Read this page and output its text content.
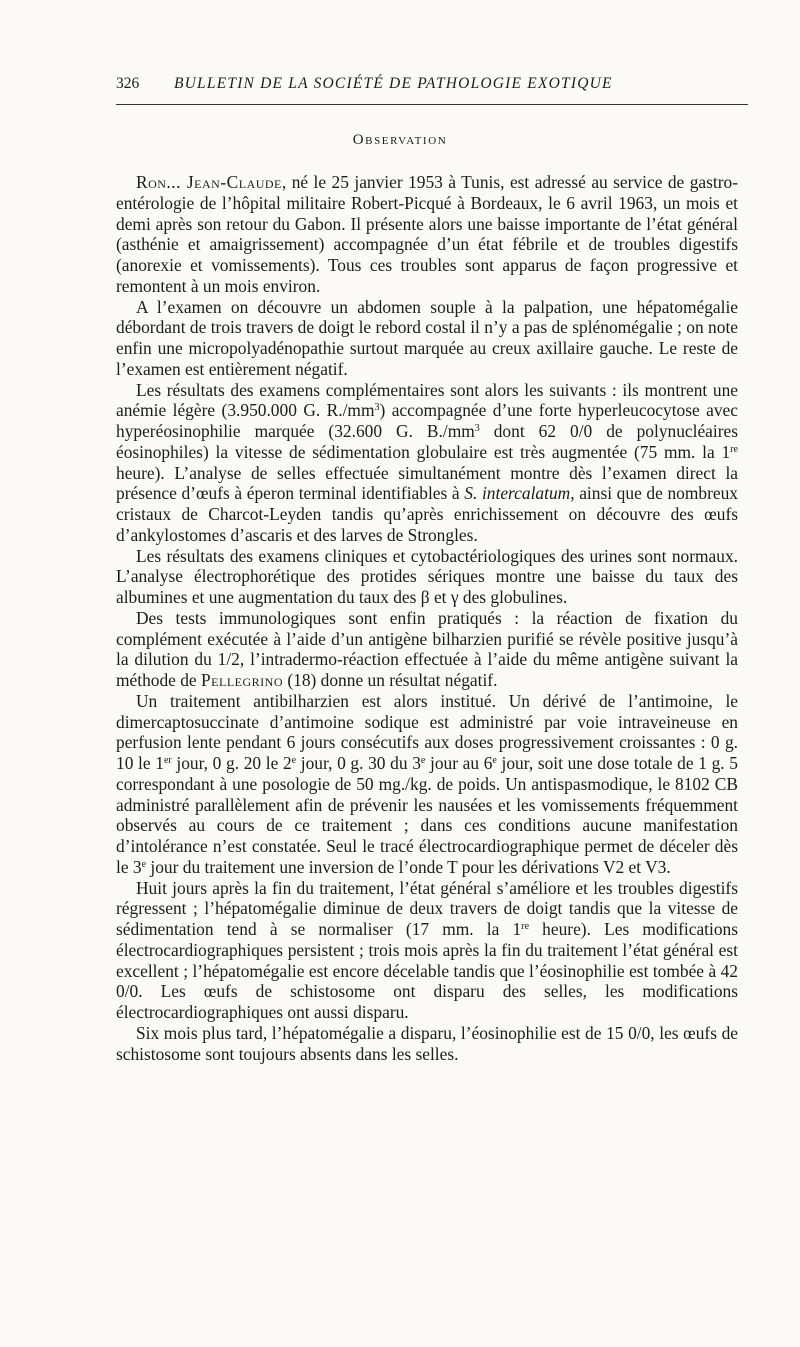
326 BULLETIN DE LA SOCIÉTÉ DE PATHOLOGIE EXOTIQUE
Observation

Ron... Jean-Claude, né le 25 janvier 1953 à Tunis, est adressé au service de gastro-entérologie de l’hôpital militaire Robert-Picqué à Bordeaux, le 6 avril 1963, un mois et demi après son retour du Gabon. Il présente alors une baisse importante de l’état général (asthénie et amaigrissement) accompagnée d’un état fébrile et de troubles digestifs (anorexie et vomissements). Tous ces troubles sont apparus de façon progressive et remontent à un mois environ.

A l’examen on découvre un abdomen souple à la palpation, une hépatomégalie débordant de trois travers de doigt le rebord costal il n’y a pas de splénomégalie ; on note enfin une micropolyadénopathie surtout marquée au creux axillaire gauche. Le reste de l’examen est entièrement négatif.

Les résultats des examens complémentaires sont alors les suivants : ils montrent une anémie légère (3.950.000 G. $R./mm^3$) accompagnée d’une forte hyperleucocytose avec hyperéosinophilie marquée (32.600 G. $B./mm^3$ dont 62 0/0 de polynucléaires éosinophiles) la vitesse de sédimentation globulaire est très augmentée (75 mm. la 1re heure). L’analyse de selles effectuée simultanément montre dès l’examen direct la présence d’œufs à éperon terminal identifiables à S. intercalatum, ainsi que de nombreux cristaux de Charcot-Leyden tandis qu’après enrichissement on découvre des œufs d’ankylostomes d’ascaris et des larves de Strongles.

Les résultats des examens cliniques et cytobactériologiques des urines sont normaux. L’analyse électrophorétique des protides sériques montre une baisse du taux des albumines et une augmentation du taux des β et γ des globulines.

Des tests immunologiques sont enfin pratiqués : la réaction de fixation du complément exécutée à l’aide d’un antigène bilharzien purifié se révèle positive jusqu’à la dilution du 1/2, l’intradermo-réaction effectuée à l’aide du même antigène suivant la méthode de Pellegrino (18) donne un résultat négatif.

Un traitement antibilharzien est alors institué. Un dérivé de l’antimoine, le dimercaptosuccinate d’antimoine sodique est administré par voie intraveineuse en perfusion lente pendant 6 jours consécutifs aux doses progressivement croissantes : 0 g. 10 le 1er jour, 0 g. 20 le 2e jour, 0 g. 30 du 3e jour au 6e jour, soit une dose totale de 1 g. 5 correspondant à une posologie de 50 mg./kg. de poids. Un antispasmodique, le 8102 CB administré parallèlement afin de prévenir les nausées et les vomissements fréquemment observés au cours de ce traitement ; dans ces conditions aucune manifestation d’intolérance n’est constatée. Seul le tracé électrocardiographique permet de déceler dès le 3e jour du traitement une inversion de l’onde T pour les dérivations V2 et V3.

Huit jours après la fin du traitement, l’état général s’améliore et les troubles digestifs régressent ; l’hépatomégalie diminue de deux travers de doigt tandis que la vitesse de sédimentation tend à se normaliser (17 mm. la 1re heure). Les modifications électrocardiographiques persistent ; trois mois après la fin du traitement l’état général est excellent ; l’hépatomégalie est encore décelable tandis que l’éosinophilie est tombée à 42 0/0. Les œufs de schistosome ont disparu des selles, les modifications électrocardiographiques ont aussi disparu.

Six mois plus tard, l’hépatomégalie a disparu, l’éosinophilie est de 15 0/0, les œufs de schistosome sont toujours absents dans les selles.
